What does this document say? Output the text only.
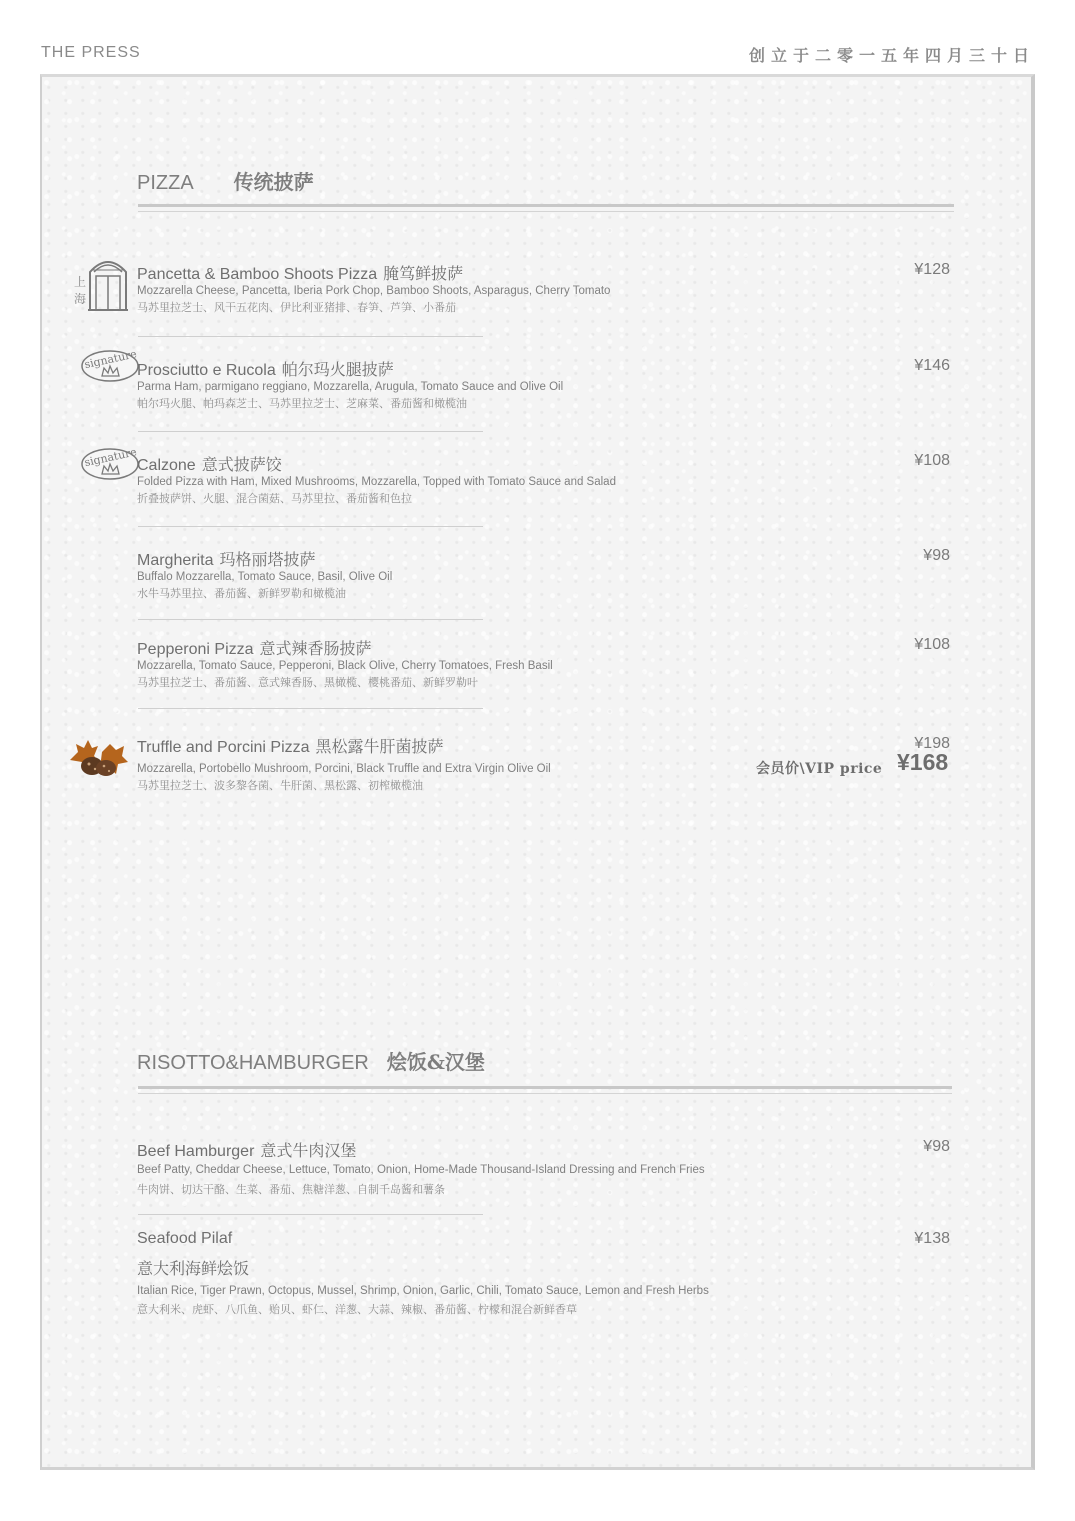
THE PRESS	创立于二零一五年四月三十日
PIZZA 传统披萨
上
海
Pancetta & Bamboo Shoots Pizza 腌笃鲜披萨
Mozzarella Cheese, Pancetta, Iberia Pork Chop, Bamboo Shoots, Asparagus, Cherry Tomato
马苏里拉芝士、风干五花肉、伊比利亚猪排、春笋、芦笋、小番茄
¥128
signature Prosciutto e Rucola 帕尔玛火腿披萨
Parma Ham, parmigano reggiano, Mozzarella, Arugula, Tomato Sauce and Olive Oil
帕尔玛火腿、帕玛森芝士、马苏里拉芝士、芝麻菜、番茄酱和橄榄油
¥146
signature Calzone 意式披萨饺
Folded Pizza with Ham, Mixed Mushrooms, Mozzarella, Topped with Tomato Sauce and Salad
折叠披萨饼、火腿、混合菌菇、马苏里拉、番茄酱和色拉
¥108
Margherita 玛格丽塔披萨
Buffalo Mozzarella, Tomato Sauce, Basil, Olive Oil
水牛马苏里拉、番茄酱、新鲜罗勒和橄榄油
¥98
Pepperoni Pizza 意式辣香肠披萨
Mozzarella, Tomato Sauce, Pepperoni, Black Olive, Cherry Tomatoes, Fresh Basil
马苏里拉芝士、番茄酱、意式辣香肠、黑橄榄、樱桃番茄、新鲜罗勒叶
¥108
Truffle and Porcini Pizza 黑松露牛肝菌披萨
Mozzarella, Portobello Mushroom, Porcini, Black Truffle and Extra Virgin Olive Oil
马苏里拉芝士、波多黎各菌、牛肝菌、黑松露、初榨橄榄油
¥198
会员价\VIP price ¥168
RISOTTO&HAMBURGER 烩饭&汉堡
Beef Hamburger 意式牛肉汉堡
Beef Patty, Cheddar Cheese, Lettuce, Tomato, Onion, Home-Made Thousand-Island Dressing and French Fries
牛肉饼、切达干酪、生菜、番茄、焦糖洋葱、自制千岛酱和薯条
¥98
Seafood Pilaf
意大利海鲜烩饭
Italian Rice, Tiger Prawn, Octopus, Mussel, Shrimp, Onion, Garlic, Chili, Tomato Sauce, Lemon and Fresh Herbs
意大利米、虎虾、八爪鱼、贻贝、虾仁、洋葱、大蒜、辣椒、番茄酱、柠檬和混合新鲜香草
¥138
